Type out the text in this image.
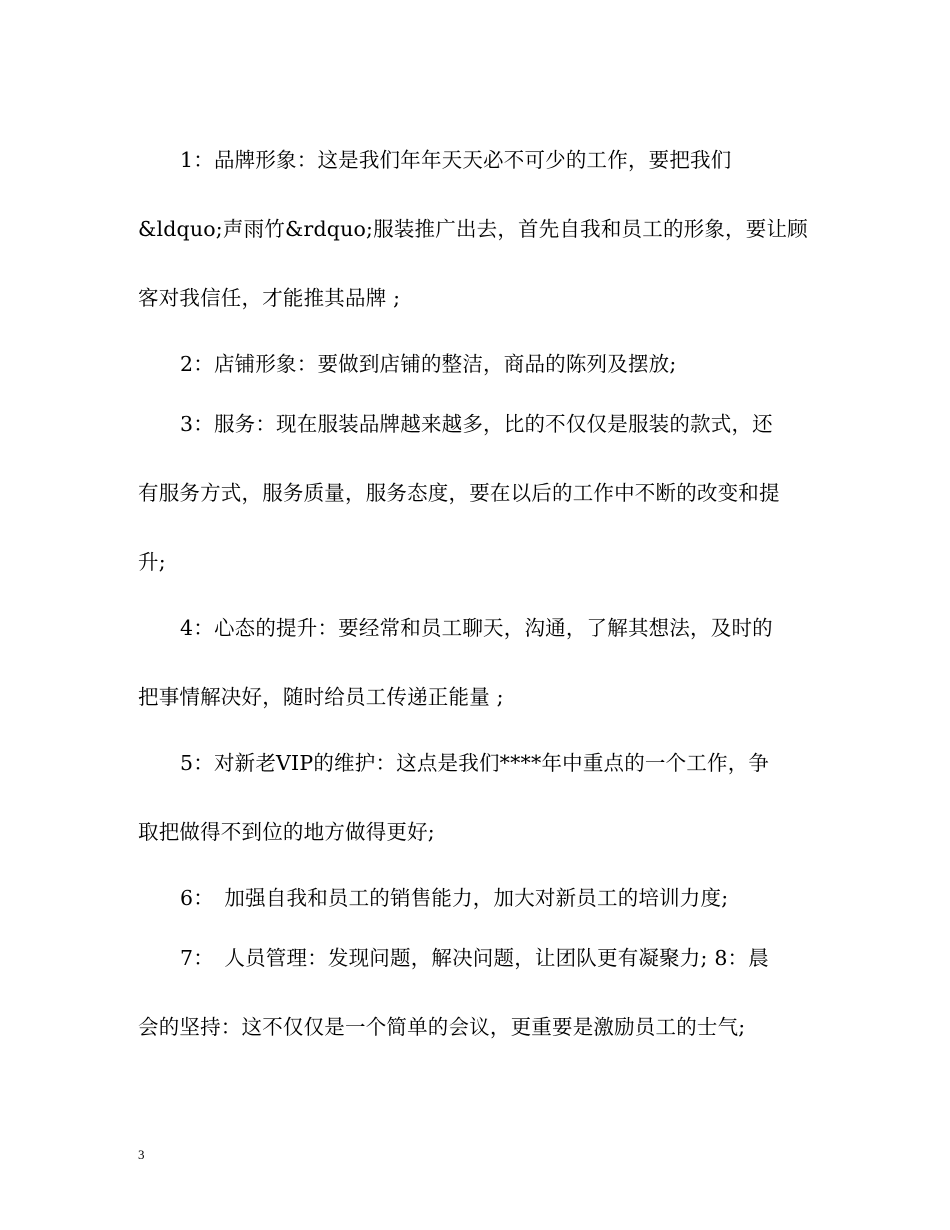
1：品牌形象：这是我们年年天天必不可少的工作，要把我们
&ldquo;声雨竹&rdquo;服装推广出去，首先自我和员工的形象，要让顾
客对我信任，才能推其品牌 ;
2：店铺形象：要做到店铺的整洁，商品的陈列及摆放;
3：服务：现在服装品牌越来越多，比的不仅仅是服装的款式，还
有服务方式，服务质量，服务态度，要在以后的工作中不断的改变和提
升;
4：心态的提升：要经常和员工聊天，沟通，了解其想法，及时的
把事情解决好，随时给员工传递正能量 ;
5：对新老VIP的维护：这点是我们****年中重点的一个工作，争
取把做得不到位的地方做得更好;
6：　加强自我和员工的销售能力，加大对新员工的培训力度;
7：　人员管理：发现问题，解决问题，让团队更有凝聚力; 8：晨
会的坚持：这不仅仅是一个简单的会议，更重要是激励员工的士气;
3
